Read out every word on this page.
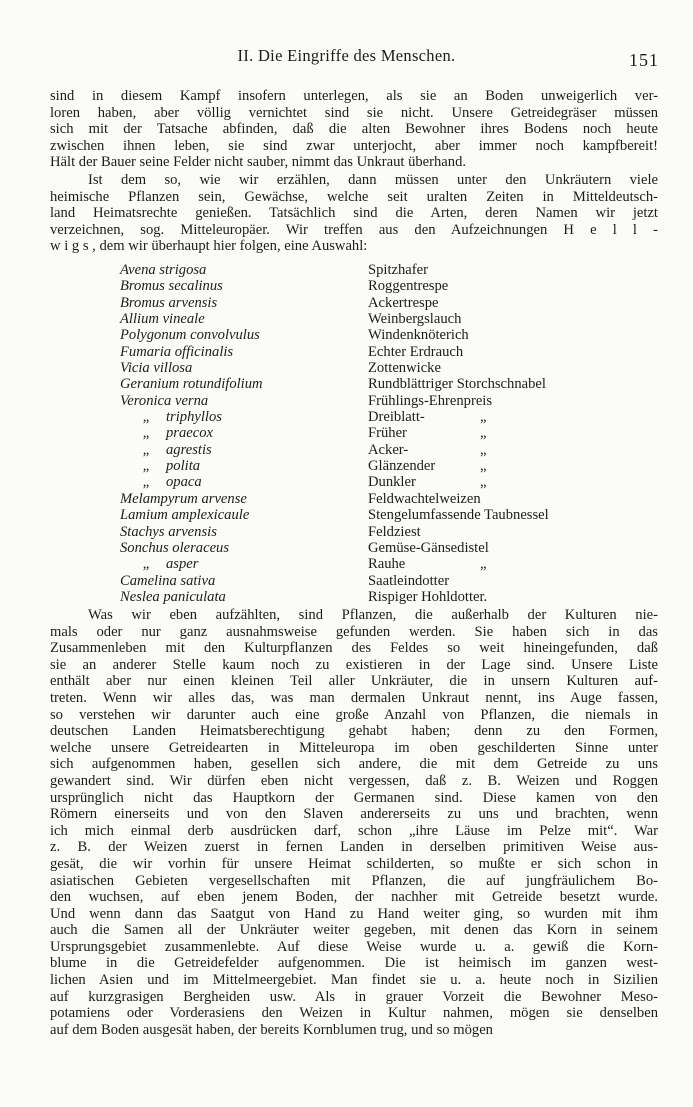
II. Die Eingriffe des Menschen.	151
sind in diesem Kampf insofern unterlegen, als sie an Boden unweigerlich ver-
loren haben, aber völlig vernichtet sind sie nicht. Unsere Getreidegräser müssen
sich mit der Tatsache abfinden, daß die alten Bewohner ihres Bodens noch heute
zwischen ihnen leben, sie sind zwar unterjocht, aber immer noch kampfbereit!
Hält der Bauer seine Felder nicht sauber, nimmt das Unkraut überhand.
Ist dem so, wie wir erzählen, dann müssen unter den Unkräutern viele
heimische Pflanzen sein, Gewächse, welche seit uralten Zeiten in Mitteldeutsch-
land Heimatsrechte genießen. Tatsächlich sind die Arten, deren Namen wir jetzt
verzeichnen, sog. Mitteleuropäer. Wir treffen aus den Aufzeichnungen H e l l -
w i g s , dem wir überhaupt hier folgen, eine Auswahl:
Avena strigosa	Spitzhafer
Bromus secalinus	Roggentrespe
Bromus arvensis	Ackertrespe
Allium vineale	Weinbergslauch
Polygonum convolvulus	Windenknöterich
Fumaria officinalis	Echter Erdrauch
Vicia villosa	Zottenwicke
Geranium rotundifolium	Rundblättriger Storchschnabel
Veronica verna	Frühlings-Ehrenpreis
„ triphyllos	Dreiblatt-	„
„ praecox	Früher	„
„ agrestis	Acker-	„
„ polita	Glänzender	„
„ opaca	Dunkler	„
Melampyrum arvense	Feldwachtelweizen
Lamium amplexicaule	Stengelumfassende Taubnessel
Stachys arvensis	Feldziest
Sonchus oleraceus	Gemüse-Gänsedistel
„ asper	Rauhe	„
Camelina sativa	Saatleindotter
Neslea paniculata	Rispiger Hohldotter.
Was wir eben aufzählten, sind Pflanzen, die außerhalb der Kulturen nie-
mals oder nur ganz ausnahmsweise gefunden werden. Sie haben sich in das
Zusammenleben mit den Kulturpflanzen des Feldes so weit hineingefunden, daß
sie an anderer Stelle kaum noch zu existieren in der Lage sind. Unsere Liste
enthält aber nur einen kleinen Teil aller Unkräuter, die in unsern Kulturen auf-
treten. Wenn wir alles das, was man dermalen Unkraut nennt, ins Auge fassen,
so verstehen wir darunter auch eine große Anzahl von Pflanzen, die niemals in
deutschen Landen Heimatsberechtigung gehabt haben; denn zu den Formen,
welche unsere Getreidearten in Mitteleuropa im oben geschilderten Sinne unter
sich aufgenommen haben, gesellen sich andere, die mit dem Getreide zu uns
gewandert sind. Wir dürfen eben nicht vergessen, daß z. B. Weizen und Roggen
ursprünglich nicht das Hauptkorn der Germanen sind. Diese kamen von den
Römern einerseits und von den Slaven andererseits zu uns und brachten, wenn
ich mich einmal derb ausdrücken darf, schon „ihre Läuse im Pelze mit“. War
z. B. der Weizen zuerst in fernen Landen in derselben primitiven Weise aus-
gesät, die wir vorhin für unsere Heimat schilderten, so mußte er sich schon in
asiatischen Gebieten vergesellschaften mit Pflanzen, die auf jungfräulichem Bo-
den wuchsen, auf eben jenem Boden, der nachher mit Getreide besetzt wurde.
Und wenn dann das Saatgut von Hand zu Hand weiter ging, so wurden mit ihm
auch die Samen all der Unkräuter weiter gegeben, mit denen das Korn in seinem
Ursprungsgebiet zusammenlebte. Auf diese Weise wurde u. a. gewiß die Korn-
blume in die Getreidefelder aufgenommen. Die ist heimisch im ganzen west-
lichen Asien und im Mittelmeergebiet. Man findet sie u. a. heute noch in Sizilien
auf kurzgrasigen Bergheiden usw. Als in grauer Vorzeit die Bewohner Meso-
potamiens oder Vorderasiens den Weizen in Kultur nahmen, mögen sie denselben
auf dem Boden ausgesät haben, der bereits Kornblumen trug, und so mögen
